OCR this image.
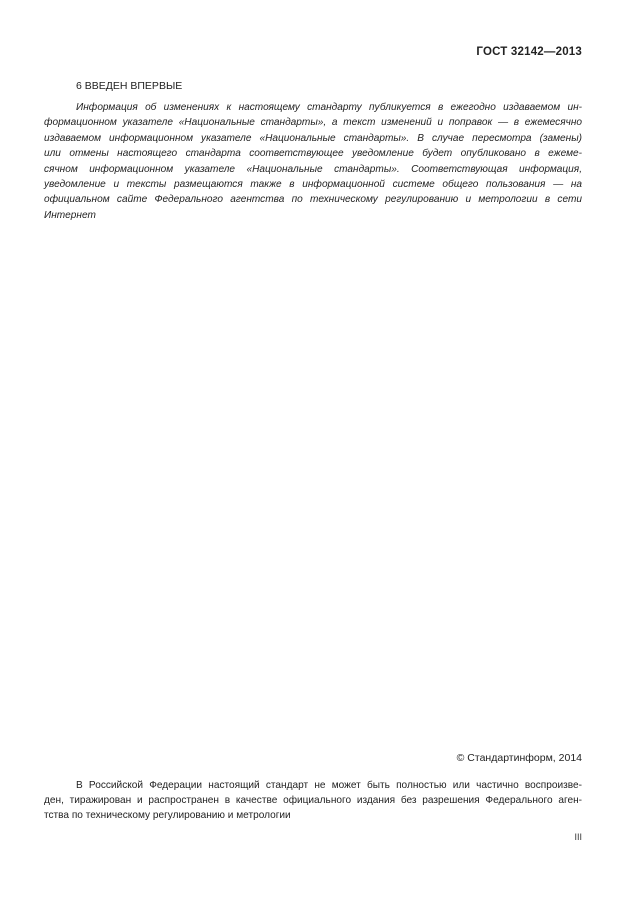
ГОСТ 32142—2013
6 ВВЕДЕН ВПЕРВЫЕ
Информация об изменениях к настоящему стандарту публикуется в ежегодно издаваемом ин-
формационном указателе «Национальные стандарты», а текст изменений и поправок — в ежемесячно
издаваемом информационном указателе «Национальные стандарты». В случае пересмотра (замены)
или отмены настоящего стандарта соответствующее уведомление будет опубликовано в ежеме-
сячном информационном указателе «Национальные стандарты». Соответствующая информация,
уведомление и тексты размещаются также в информационной системе общего пользования — на
официальном сайте Федерального агентства по техническому регулированию и метрологии в сети
Интернет
© Стандартинформ, 2014
В Российской Федерации настоящий стандарт не может быть полностью или частично воспроизве-
ден, тиражирован и распространен в качестве официального издания без разрешения Федерального аген-
тства по техническому регулированию и метрологии
III
